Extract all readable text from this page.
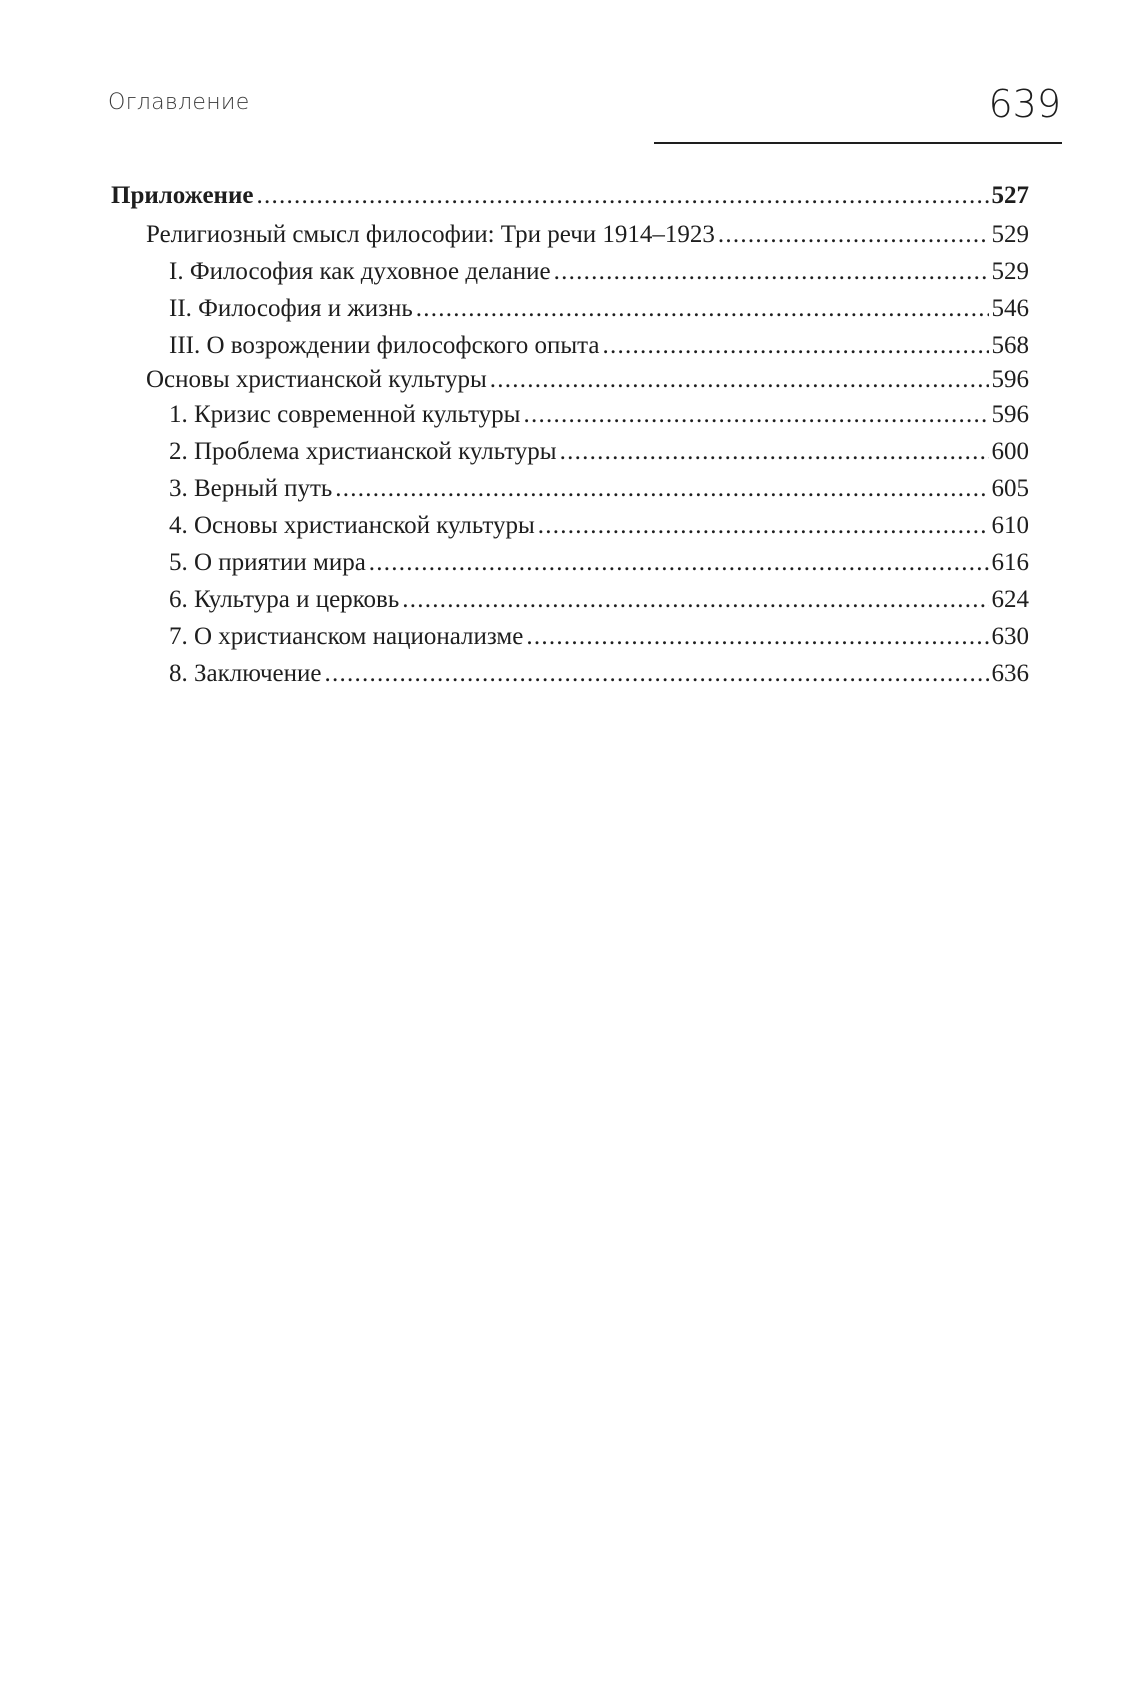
Оглавление	639
Приложение . . .	527
Религиозный смысл философии: Три речи 1914–1923 . . .	529
I. Философия как духовное делание . . .	529
II. Философия и жизнь . . .	546
III. О возрождении философского опыта . . .	568
Основы христианской культуры . . .	596
1. Кризис современной культуры . . .	596
2. Проблема христианской культуры . . .	600
3. Верный путь . . .	605
4. Основы христианской культуры . . .	610
5. О приятии мира . . .	616
6. Культура и церковь . . .	624
7. О христианском национализме . . .	630
8. Заключение . . .	636
